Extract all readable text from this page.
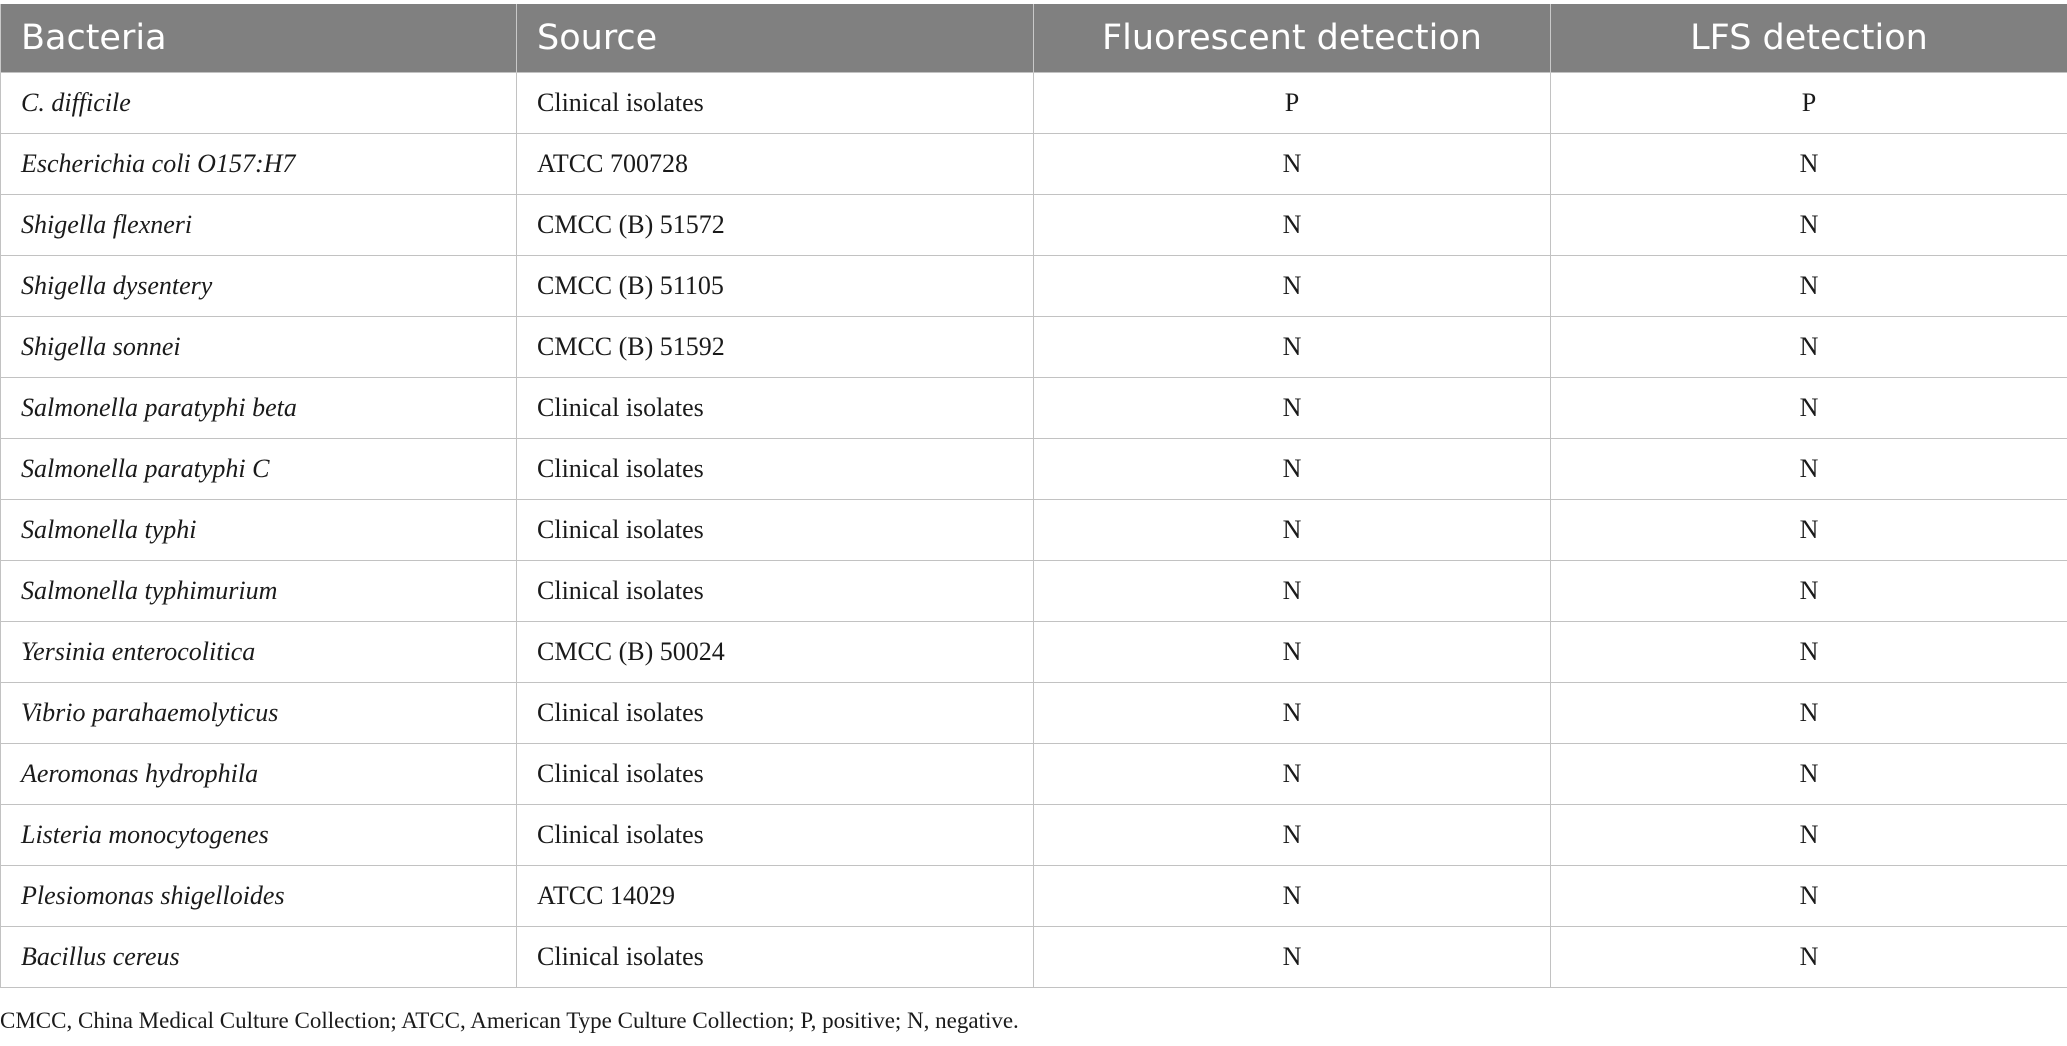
Bacteria	Source	Fluorescent detection	LFS detection
C. difficile	Clinical isolates	P	P
Escherichia coli O157:H7	ATCC 700728	N	N
Shigella flexneri	CMCC (B) 51572	N	N
Shigella dysentery	CMCC (B) 51105	N	N
Shigella sonnei	CMCC (B) 51592	N	N
Salmonella paratyphi beta	Clinical isolates	N	N
Salmonella paratyphi C	Clinical isolates	N	N
Salmonella typhi	Clinical isolates	N	N
Salmonella typhimurium	Clinical isolates	N	N
Yersinia enterocolitica	CMCC (B) 50024	N	N
Vibrio parahaemolyticus	Clinical isolates	N	N
Aeromonas hydrophila	Clinical isolates	N	N
Listeria monocytogenes	Clinical isolates	N	N
Plesiomonas shigelloides	ATCC 14029	N	N
Bacillus cereus	Clinical isolates	N	N
CMCC, China Medical Culture Collection; ATCC, American Type Culture Collection; P, positive; N, negative.
